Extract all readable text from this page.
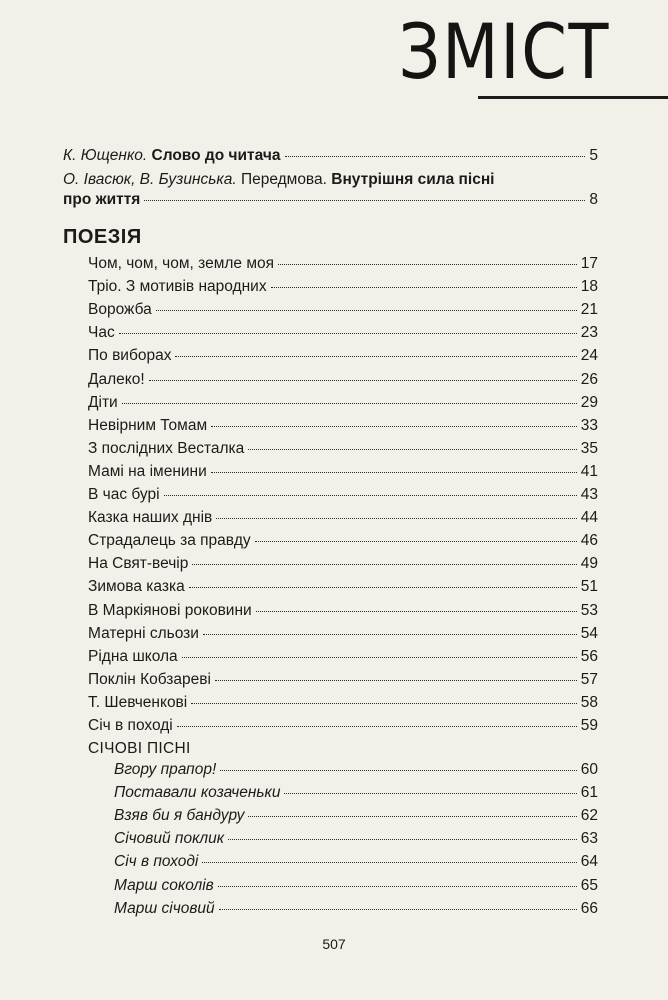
ЗМІСТ
К. Ющенко. Слово до читача	5
О. Івасюк, В. Бузинська. Передмова. Внутрішня сила пісні
про життя	8
ПОЕЗІЯ
Чом, чом, чом, земле моя	17
Тріо. З мотивів народних	18
Ворожба	21
Час	23
По виборах	24
Далеко!	26
Діти	29
Невірним Томам	33
З послідних Весталка	35
Мамі на іменини	41
В час бурі	43
Казка наших днів	44
Страдалець за правду	46
На Свят-вечір	49
Зимова казка	51
В Маркіянові роковини	53
Матерні сльози	54
Рідна школа	56
Поклін Кобзареві	57
Т. Шевченкові	58
Січ в поході	59
СІЧОВІ ПІСНІ
Вгору прапор!	60
Поставали козаченьки	61
Взяв би я бандуру	62
Січовий поклик	63
Січ в поході	64
Марш соколів	65
Марш січовий	66
507
